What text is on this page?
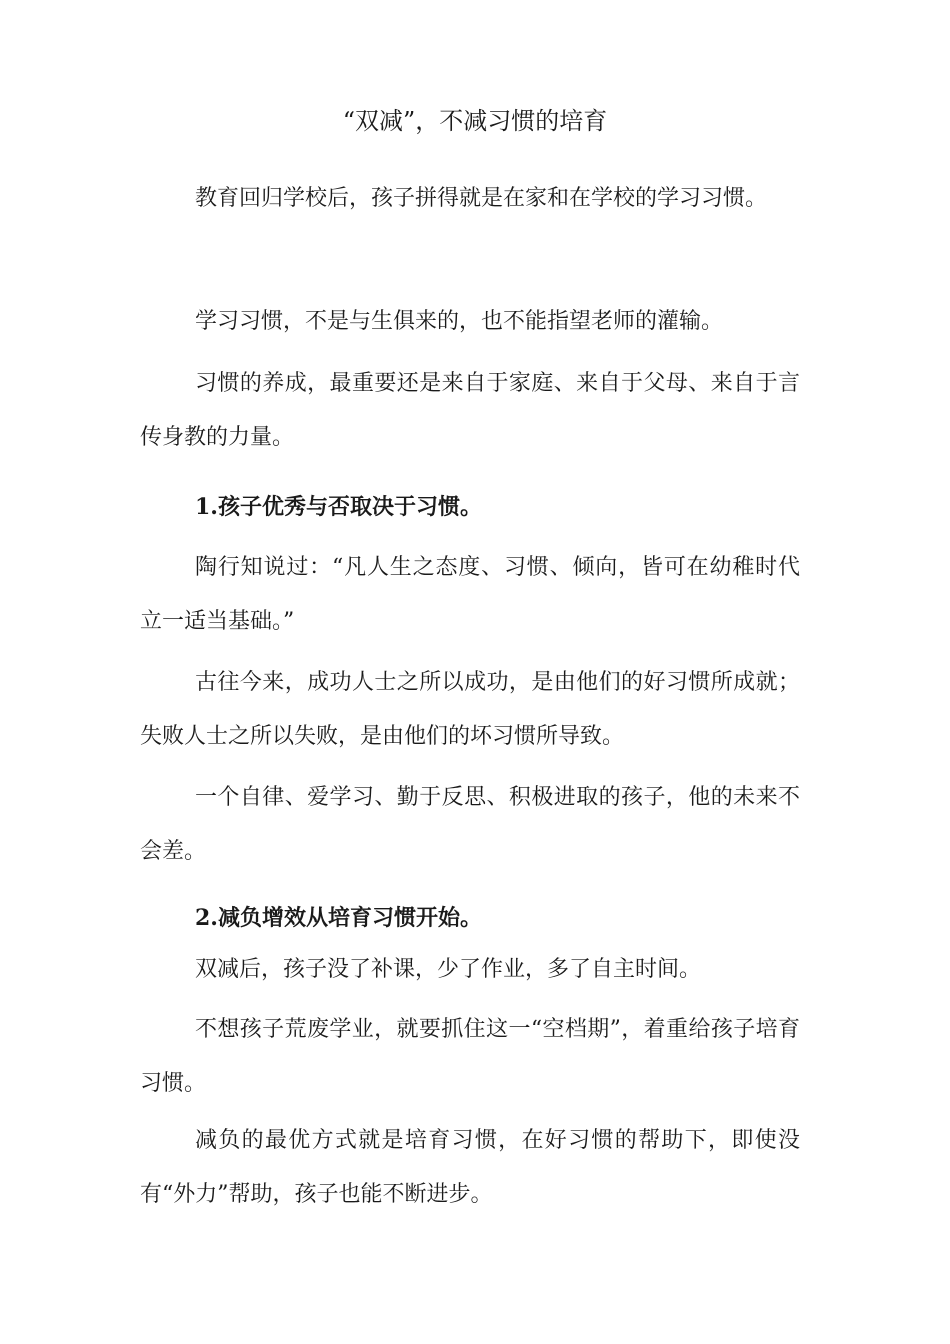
“双减”，不减习惯的培育

教育回归学校后，孩子拼得就是在家和在学校的学习习惯。

学习习惯，不是与生俱来的，也不能指望老师的灌输。

习惯的养成，最重要还是来自于家庭、来自于父母、来自于言传身教的力量。

1.孩子优秀与否取决于习惯。

陶行知说过：“凡人生之态度、习惯、倾向，皆可在幼稚时代立一适当基础。”

古往今来，成功人士之所以成功，是由他们的好习惯所成就；失败人士之所以失败，是由他们的坏习惯所导致。

一个自律、爱学习、勤于反思、积极进取的孩子，他的未来不会差。

2.减负增效从培育习惯开始。

双减后，孩子没了补课，少了作业，多了自主时间。

不想孩子荒废学业，就要抓住这一“空档期”，着重给孩子培育习惯。

减负的最优方式就是培育习惯，在好习惯的帮助下，即使没有“外力”帮助，孩子也能不断进步。
